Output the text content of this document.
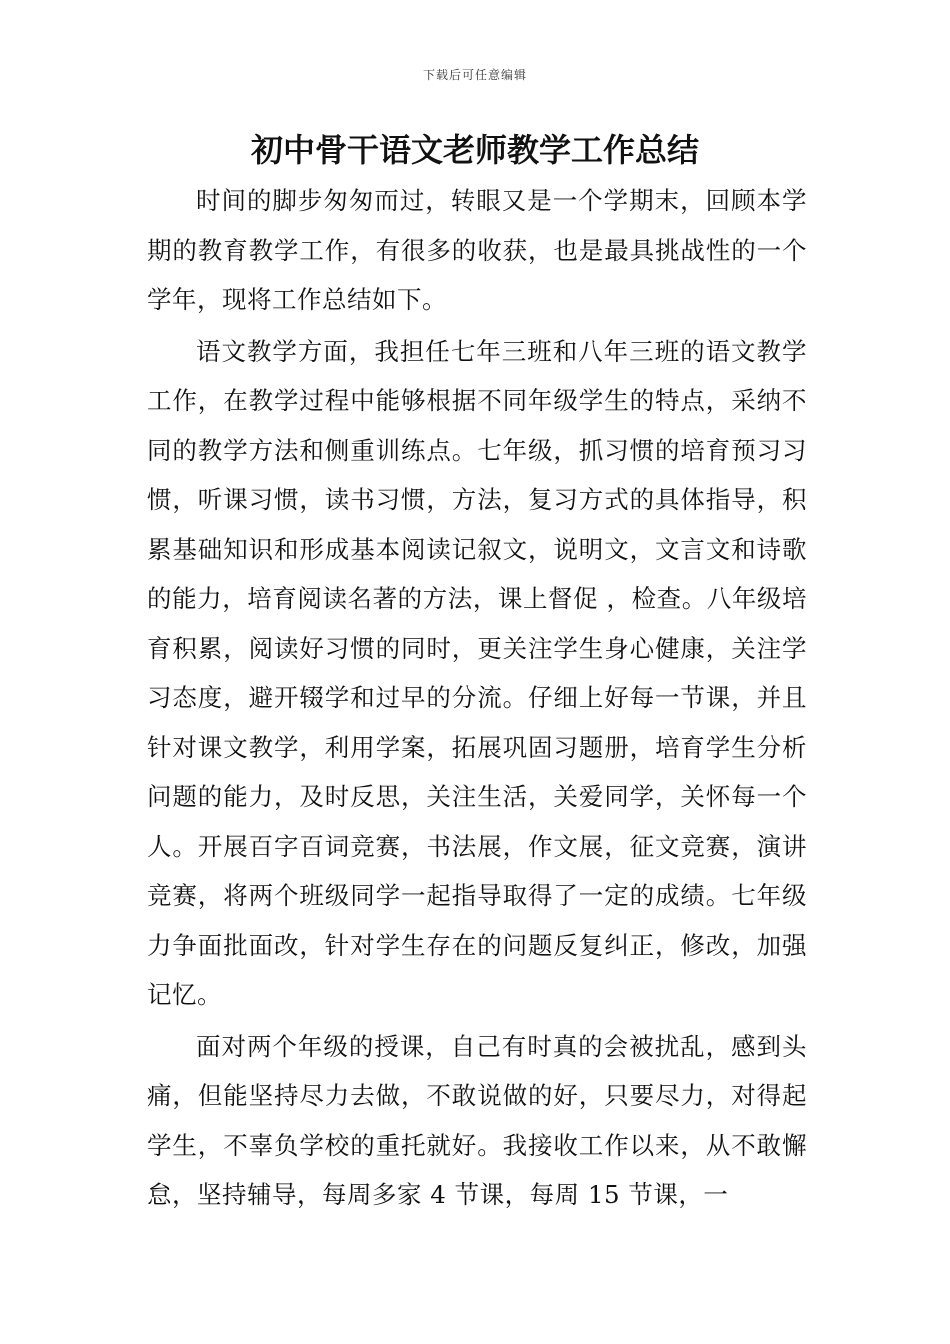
下载后可任意编辑
初中骨干语文老师教学工作总结

时间的脚步匆匆而过，转眼又是一个学期末，回顾本学期的教育教学工作，有很多的收获，也是最具挑战性的一个学年，现将工作总结如下。

语文教学方面，我担任七年三班和八年三班的语文教学工作，在教学过程中能够根据不同年级学生的特点，采纳不同的教学方法和侧重训练点。七年级，抓习惯的培育预习习惯，听课习惯，读书习惯，方法，复习方式的具体指导，积累基础知识和形成基本阅读记叙文，说明文，文言文和诗歌的能力，培育阅读名著的方法，课上督促 ，检查。八年级培育积累，阅读好习惯的同时，更关注学生身心健康，关注学习态度，避开辍学和过早的分流。仔细上好每一节课，并且针对课文教学，利用学案，拓展巩固习题册，培育学生分析问题的能力，及时反思，关注生活，关爱同学，关怀每一个人。开展百字百词竞赛，书法展，作文展，征文竞赛，演讲竞赛，将两个班级同学一起指导取得了一定的成绩。七年级力争面批面改，针对学生存在的问题反复纠正，修改，加强记忆。

面对两个年级的授课，自己有时真的会被扰乱，感到头痛，但能坚持尽力去做，不敢说做的好，只要尽力，对得起学生，不辜负学校的重托就好。我接收工作以来，从不敢懈怠，坚持辅导，每周多家 4 节课，每周 15 节课，一
